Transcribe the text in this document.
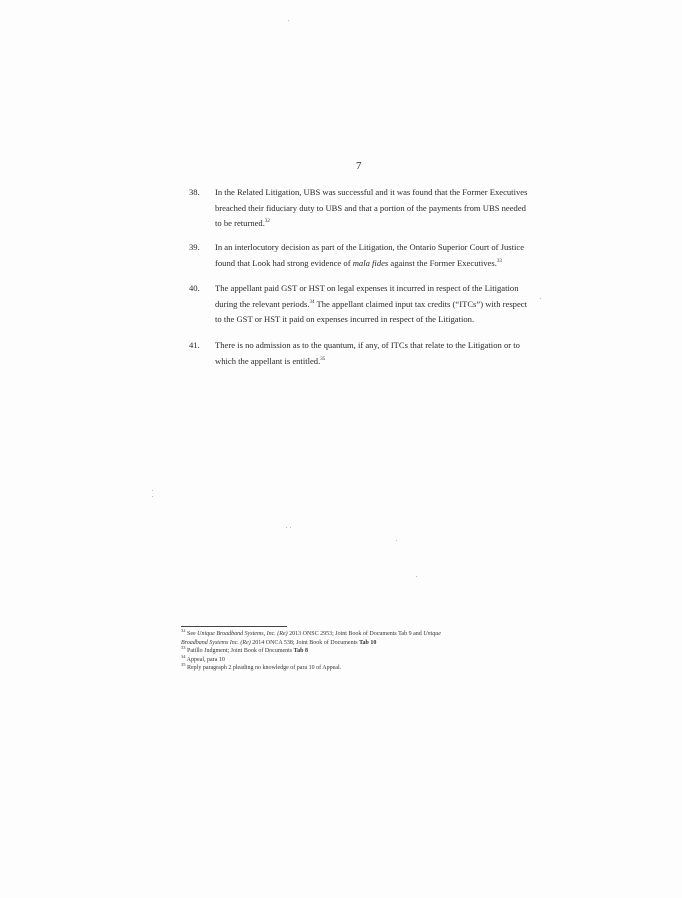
7
38.	In the Related Litigation, UBS was successful and it was found that the Former Executives
breached their fiduciary duty to UBS and that a portion of the payments from UBS needed
to be returned.$^{32}$
39.	In an interlocutory decision as part of the Litigation, the Ontario Superior Court of Justice
found that Look had strong evidence of mala fides against the Former Executives.$^{33}$
40.	The appellant paid GST or HST on legal expenses it incurred in respect of the Litigation
during the relevant periods.$^{34}$ The appellant claimed input tax credits (“ITCs”) with respect
to the GST or HST it paid on expenses incurred in respect of the Litigation.
41.	There is no admission as to the quantum, if any, of ITCs that relate to the Litigation or to
which the appellant is entitled.$^{35}$
$^{32}$ See Unique Broadband Systems, Inc. (Re) 2013 ONSC 2953; Joint Book of Documents Tab 9 and Unique
Broadband Systems Inc. (Re) 2014 ONCA 538; Joint Book of Documents Tab 10
$^{33}$ Patillo Judgment; Joint Book of Documents Tab 8
$^{34}$ Appeal, para 10
$^{35}$ Reply paragraph 2 pleading no knowledge of para 10 of Appeal.
